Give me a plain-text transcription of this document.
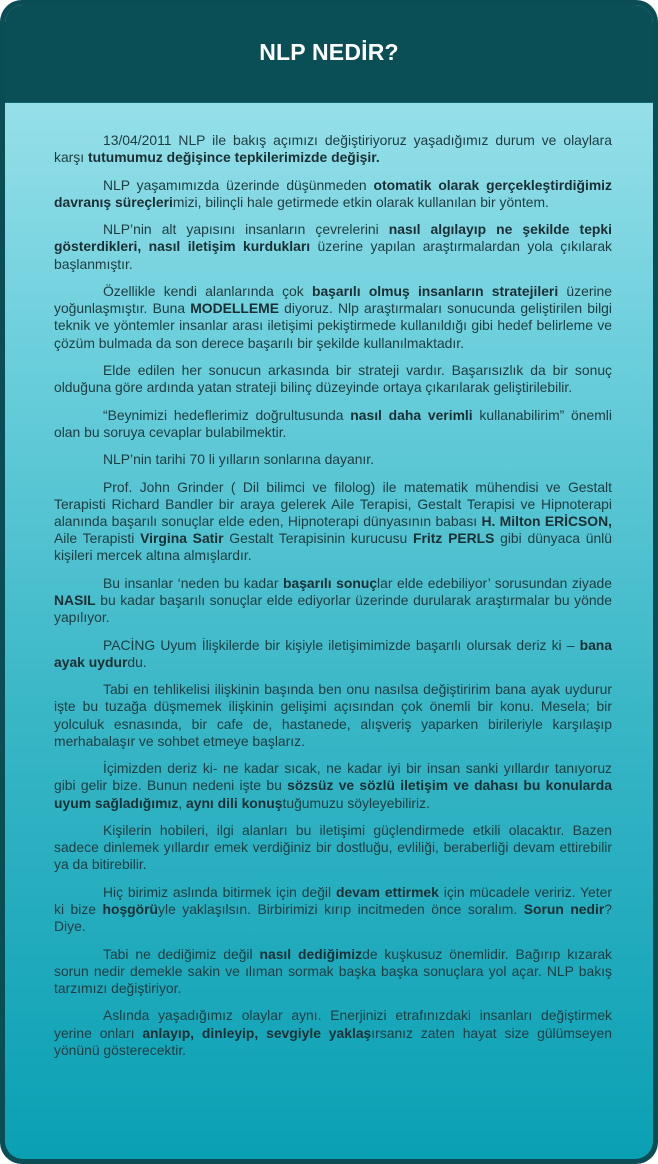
NLP NEDİR?

13/04/2011 NLP ile bakış açımızı değiştiriyoruz yaşadığımız durum ve olaylara karşı tutumumuz değişince tepkilerimizde değişir.

NLP yaşamımızda üzerinde düşünmeden otomatik olarak gerçekleştirdiğimiz davranış süreçlerimizi, bilinçli hale getirmede etkin olarak kullanılan bir yöntem.

NLP’nin alt yapısını insanların çevrelerini nasıl algılayıp ne şekilde tepki gösterdikleri, nasıl iletişim kurdukları üzerine yapılan araştırmalardan yola çıkılarak başlanmıştır.

Özellikle kendi alanlarında çok başarılı olmuş insanların stratejileri üzerine yoğunlaşmıştır. Buna MODELLEME diyoruz. Nlp araştırmaları sonucunda geliştirilen bilgi teknik ve yöntemler insanlar arası iletişimi pekiştirmede kullanıldığı gibi hedef belirleme ve çözüm bulmada da son derece başarılı bir şekilde kullanılmaktadır.

Elde edilen her sonucun arkasında bir strateji vardır. Başarısızlık da bir sonuç olduğuna göre ardında yatan strateji bilinç düzeyinde ortaya çıkarılarak geliştirilebilir.

“Beynimizi hedeflerimiz doğrultusunda nasıl daha verimli kullanabilirim” önemli olan bu soruya cevaplar bulabilmektir.

NLP’nin tarihi 70 li yılların sonlarına dayanır.

Prof. John Grinder ( Dil bilimci ve filolog) ile matematik mühendisi ve Gestalt Terapisti Richard Bandler bir araya gelerek Aile Terapisi, Gestalt Terapisi ve Hipnoterapi alanında başarılı sonuçlar elde eden, Hipnoterapi dünyasının babası H. Milton ERİCSON, Aile Terapisti Virgina Satir Gestalt Terapisinin kurucusu Fritz PERLS gibi dünyaca ünlü kişileri mercek altına almışlardır.

Bu insanlar ‘neden bu kadar başarılı sonuçlar elde edebiliyor’ sorusundan ziyade NASIL bu kadar başarılı sonuçlar elde ediyorlar üzerinde durularak araştırmalar bu yönde yapılıyor.

PACİNG Uyum İlişkilerde bir kişiyle iletişimimizde başarılı olursak deriz ki – bana ayak uydurdu.

Tabi en tehlikelisi ilişkinin başında ben onu nasılsa değiştiririm bana ayak uydurur işte bu tuzağa düşmemek ilişkinin gelişimi açısından çok önemli bir konu. Mesela; bir yolculuk esnasında, bir cafe de, hastanede, alışveriş yaparken birileriyle karşılaşıp merhabalaşır ve sohbet etmeye başlarız.

İçimizden deriz ki- ne kadar sıcak, ne kadar iyi bir insan sanki yıllardır tanıyoruz gibi gelir bize. Bunun nedeni işte bu sözsüz ve sözlü iletişim ve dahası bu konularda uyum sağladığımız, aynı dili konuştuğumuzu söyleyebiliriz.

Kişilerin hobileri, ilgi alanları bu iletişimi güçlendirmede etkili olacaktır. Bazen sadece dinlemek yıllardır emek verdiğiniz bir dostluğu, evliliği, beraberliği devam ettirebilir ya da bitirebilir.

Hiç birimiz aslında bitirmek için değil devam ettirmek için mücadele veririz. Yeter ki bize hoşgörüyle yaklaşılsın. Birbirimizi kırıp incitmeden önce soralım. Sorun nedir? Diye.

Tabi ne dediğimiz değil nasıl dediğimizde kuşkusuz önemlidir. Bağırıp kızarak sorun nedir demekle sakin ve ılıman sormak başka başka sonuçlara yol açar. NLP bakış tarzımızı değiştiriyor.

Aslında yaşadığımız olaylar aynı. Enerjinizi etrafınızdaki insanları değiştirmek yerine onları anlayıp, dinleyip, sevgiyle yaklaşırsanız zaten hayat size gülümseyen yönünü gösterecektir.
